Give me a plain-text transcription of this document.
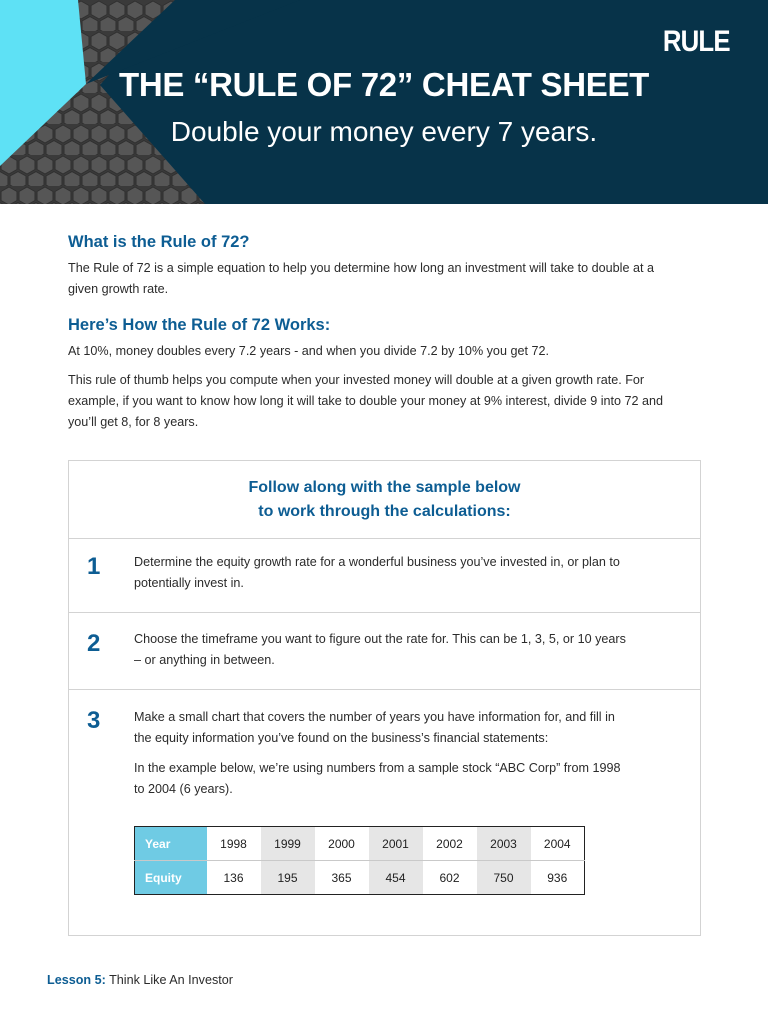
RULE
THE “RULE OF 72” CHEAT SHEET
Double your money every 7 years.
What is the Rule of 72?
The Rule of 72 is a simple equation to help you determine how long an investment will take to double at a given growth rate.
Here’s How the Rule of 72 Works:
At 10%, money doubles every 7.2 years - and when you divide 7.2 by 10% you get 72.
This rule of thumb helps you compute when your invested money will double at a given growth rate. For example, if you want to know how long it will take to double your money at 9% interest, divide 9 into 72 and you’ll get 8, for 8 years.
Follow along with the sample below
to work through the calculations:
1	Determine the equity growth rate for a wonderful business you’ve invested in, or plan to potentially invest in.
2	Choose the timeframe you want to figure out the rate for. This can be 1, 3, 5, or 10 years – or anything in between.
3	Make a small chart that covers the number of years you have information for, and fill in the equity information you’ve found on the business’s financial statements:
In the example below, we’re using numbers from a sample stock “ABC Corp” from 1998 to 2004 (6 years).
Year	1998	1999	2000	2001	2002	2003	2004
Equity	136	195	365	454	602	750	936
Lesson 5: Think Like An Investor
